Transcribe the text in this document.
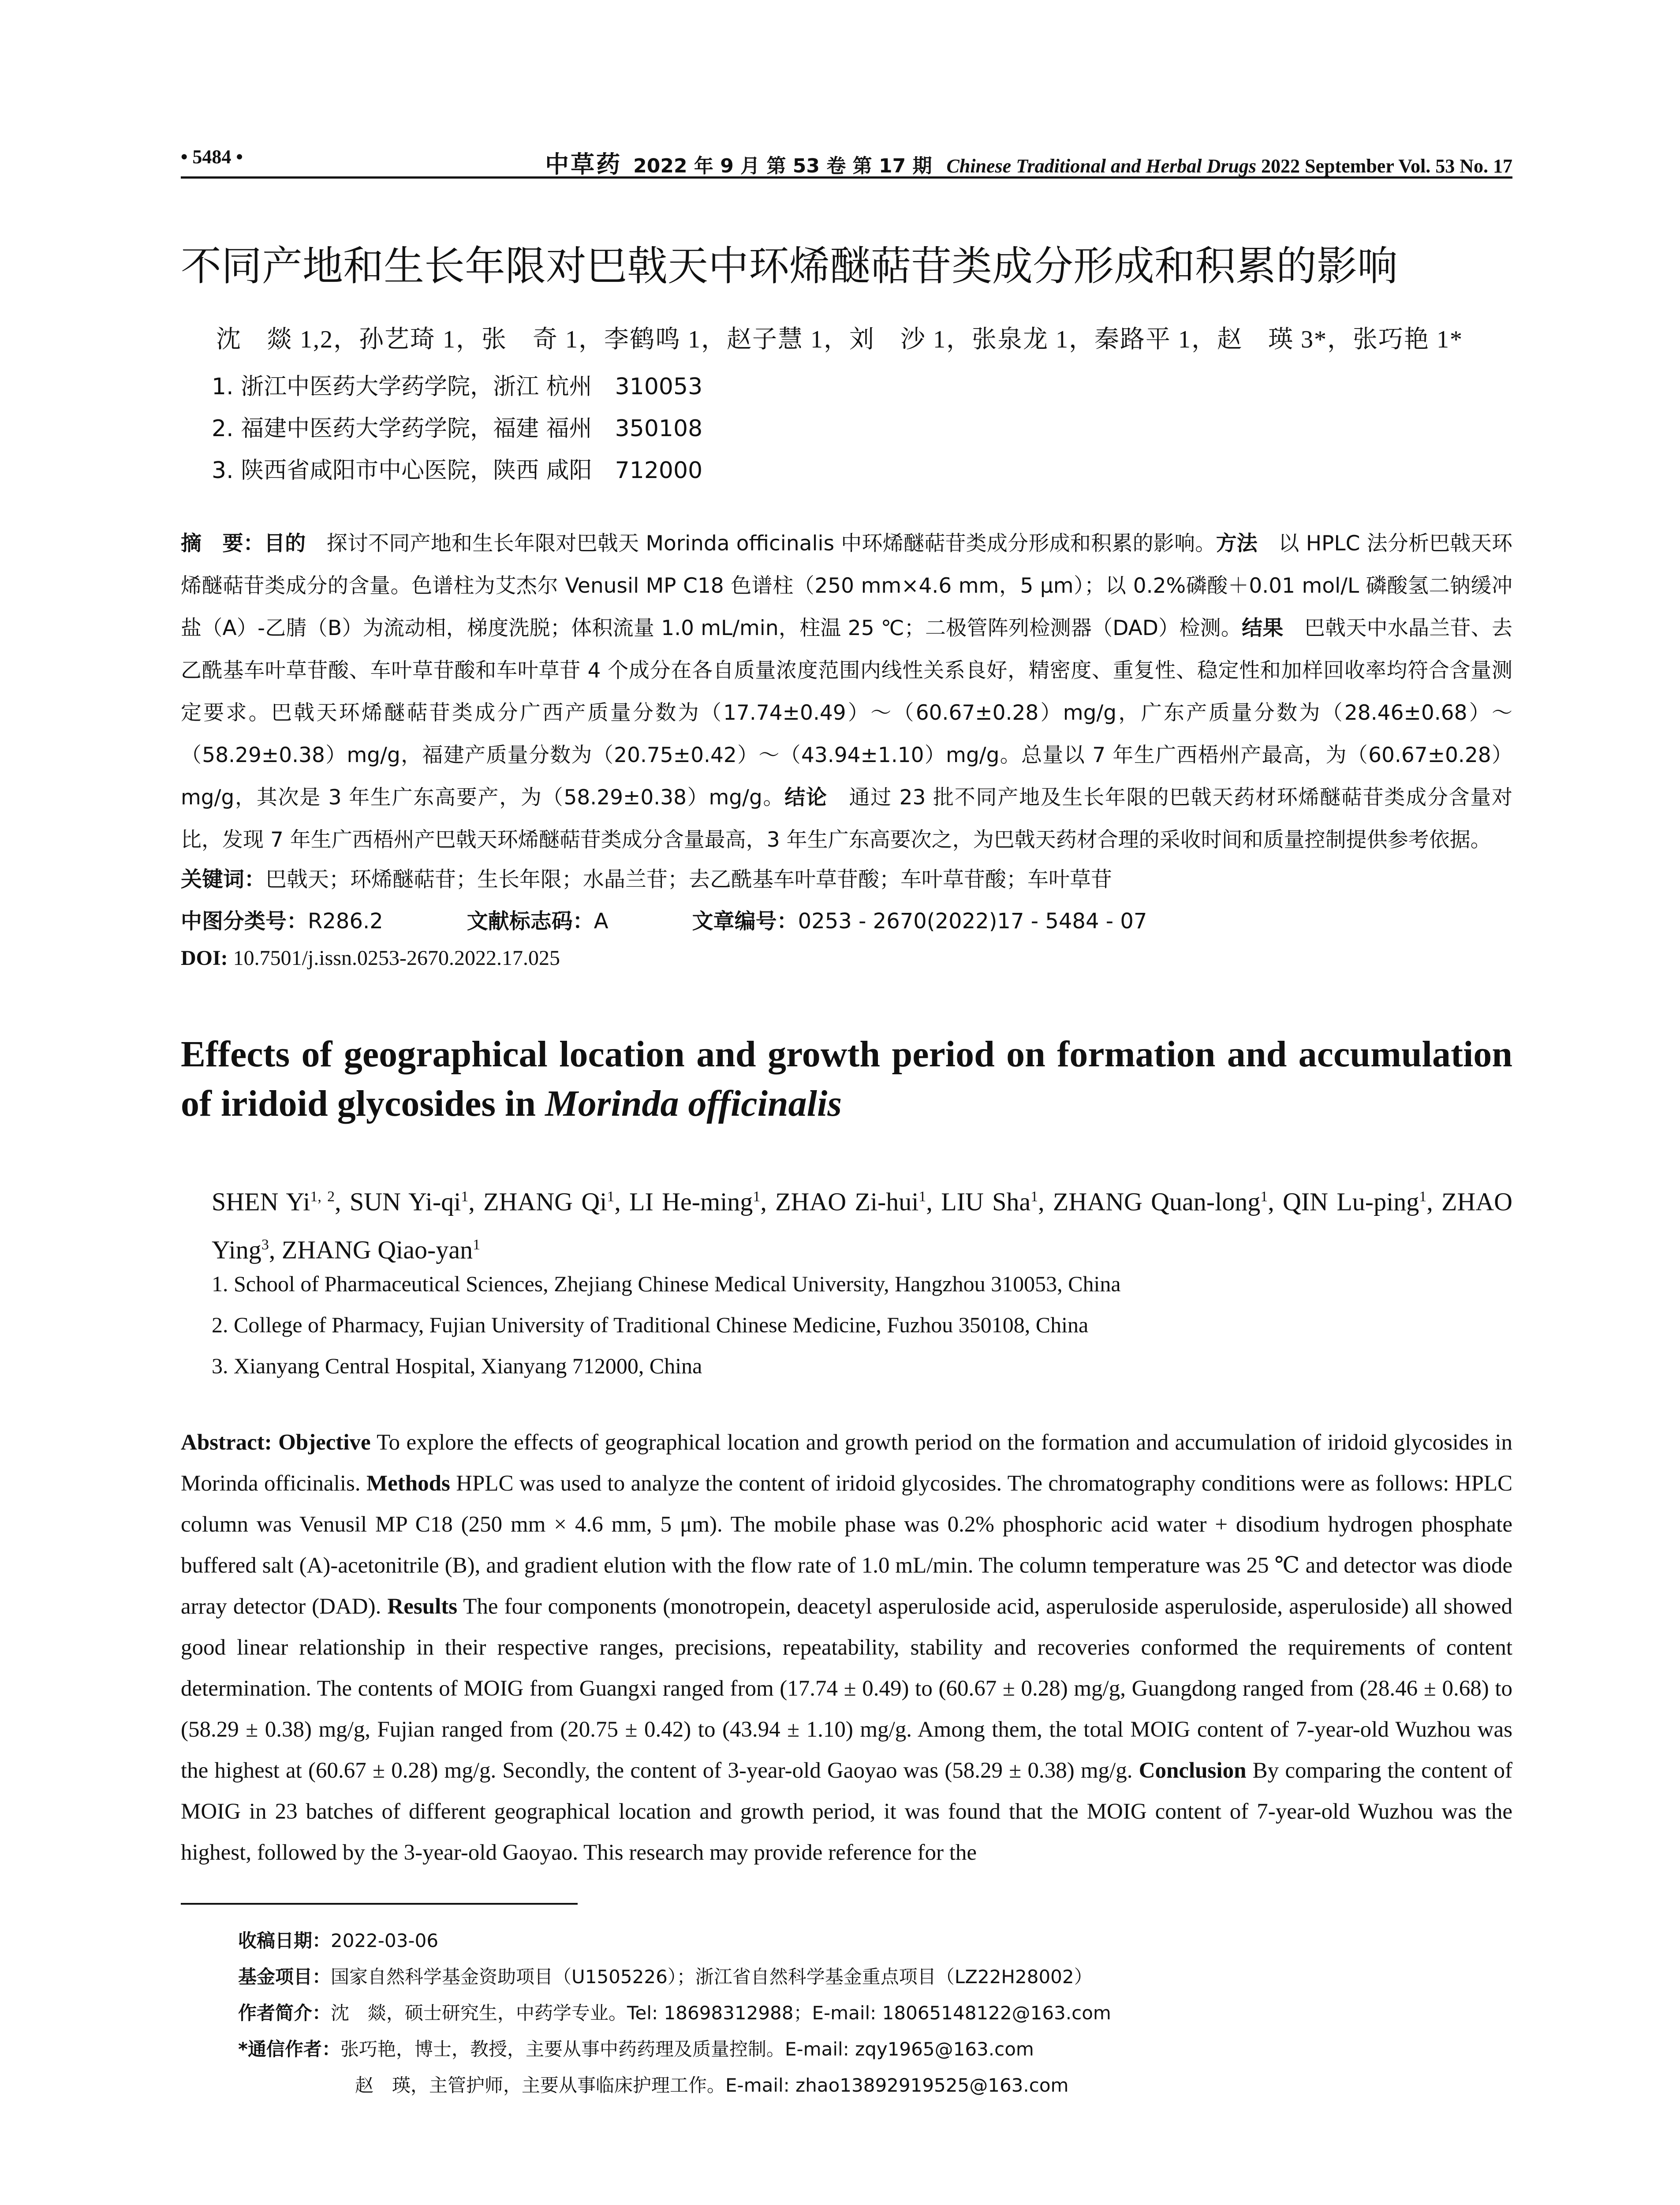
• 5484 •	中草药 2022 年 9 月 第 53 卷 第 17 期 Chinese Traditional and Herbal Drugs 2022 September Vol. 53 No. 17
不同产地和生长年限对巴戟天中环烯醚萜苷类成分形成和积累的影响
沈　燚 1,2，孙艺琦 1，张　奇 1，李鹤鸣 1，赵子慧 1，刘　沙 1，张泉龙 1，秦路平 1，赵　瑛 3*，张巧艳 1*
1. 浙江中医药大学药学院，浙江 杭州　310053
2. 福建中医药大学药学院，福建 福州　350108
3. 陕西省咸阳市中心医院，陕西 咸阳　712000
摘　要：目的　探讨不同产地和生长年限对巴戟天 Morinda officinalis 中环烯醚萜苷类成分形成和积累的影响。方法　以 HPLC 法分析巴戟天环烯醚萜苷类成分的含量。色谱柱为艾杰尔 Venusil MP C18 色谱柱（250 mm×4.6 mm，5 μm）；以 0.2%磷酸＋0.01 mol/L 磷酸氢二钠缓冲盐（A）-乙腈（B）为流动相，梯度洗脱；体积流量 1.0 mL/min，柱温 25 ℃；二极管阵列检测器（DAD）检测。结果　巴戟天中水晶兰苷、去乙酰基车叶草苷酸、车叶草苷酸和车叶草苷 4 个成分在各自质量浓度范围内线性关系良好，精密度、重复性、稳定性和加样回收率均符合含量测定要求。巴戟天环烯醚萜苷类成分广西产质量分数为（17.74±0.49）～（60.67±0.28）mg/g，广东产质量分数为（28.46±0.68）～（58.29±0.38）mg/g，福建产质量分数为（20.75±0.42）～（43.94±1.10）mg/g。总量以 7 年生广西梧州产最高，为（60.67±0.28）mg/g，其次是 3 年生广东高要产，为（58.29±0.38）mg/g。结论　通过 23 批不同产地及生长年限的巴戟天药材环烯醚萜苷类成分含量对比，发现 7 年生广西梧州产巴戟天环烯醚萜苷类成分含量最高，3 年生广东高要次之，为巴戟天药材合理的采收时间和质量控制提供参考依据。
关键词：巴戟天；环烯醚萜苷；生长年限；水晶兰苷；去乙酰基车叶草苷酸；车叶草苷酸；车叶草苷
中图分类号：R286.2	文献标志码：A	文章编号：0253 - 2670(2022)17 - 5484 - 07
DOI: 10.7501/j.issn.0253-2670.2022.17.025
Effects of geographical location and growth period on formation and accumulation of iridoid glycosides in Morinda officinalis
SHEN Yi$^{1, 2}$, SUN $Yi-qi^1$, ZHANG Qi$^1$, LI He-ming$^1$, ZHAO Zi-hui$^1$, LIU Sha$^1$, ZHANG Quan-long$^1$, QIN Lu-ping$^1$, ZHAO Ying$^3$, ZHANG Qiao-yan$^1$
1. School of Pharmaceutical Sciences, Zhejiang Chinese Medical University, Hangzhou 310053, China
2. College of Pharmacy, Fujian University of Traditional Chinese Medicine, Fuzhou 350108, China
3. Xianyang Central Hospital, Xianyang 712000, China
Abstract: Objective To explore the effects of geographical location and growth period on the formation and accumulation of iridoid glycosides in Morinda officinalis. Methods HPLC was used to analyze the content of iridoid glycosides. The chromatography conditions were as follows: HPLC column was Venusil MP C18 (250 mm × 4.6 mm, 5 μm). The mobile phase was 0.2% phosphoric acid water + disodium hydrogen phosphate buffered salt (A)-acetonitrile (B), and gradient elution with the flow rate of 1.0 mL/min. The column temperature was 25 ℃ and detector was diode array detector (DAD). Results The four components (monotropein, deacetyl asperuloside acid, asperuloside asperuloside, asperuloside) all showed good linear relationship in their respective ranges, precisions, repeatability, stability and recoveries conformed the requirements of content determination. The contents of MOIG from Guangxi ranged from (17.74 ± 0.49) to (60.67 ± 0.28) mg/g, Guangdong ranged from (28.46 ± 0.68) to (58.29 ± 0.38) mg/g, Fujian ranged from (20.75 ± 0.42) to (43.94 ± 1.10) mg/g. Among them, the total MOIG content of 7-year-old Wuzhou was the highest at (60.67 ± 0.28) mg/g. Secondly, the content of 3-year-old Gaoyao was (58.29 ± 0.38) mg/g. Conclusion By comparing the content of MOIG in 23 batches of different geographical location and growth period, it was found that the MOIG content of 7-year-old Wuzhou was the highest, followed by the 3-year-old Gaoyao. This research may provide reference for the
收稿日期：2022-03-06
基金项目：国家自然科学基金资助项目（U1505226）；浙江省自然科学基金重点项目（LZ22H28002）
作者简介：沈　燚，硕士研究生，中药学专业。Tel: 18698312988；E-mail: 18065148122@163.com
*通信作者：张巧艳，博士，教授，主要从事中药药理及质量控制。E-mail: zqy1965@163.com
赵　瑛，主管护师，主要从事临床护理工作。E-mail: zhao13892919525@163.com
